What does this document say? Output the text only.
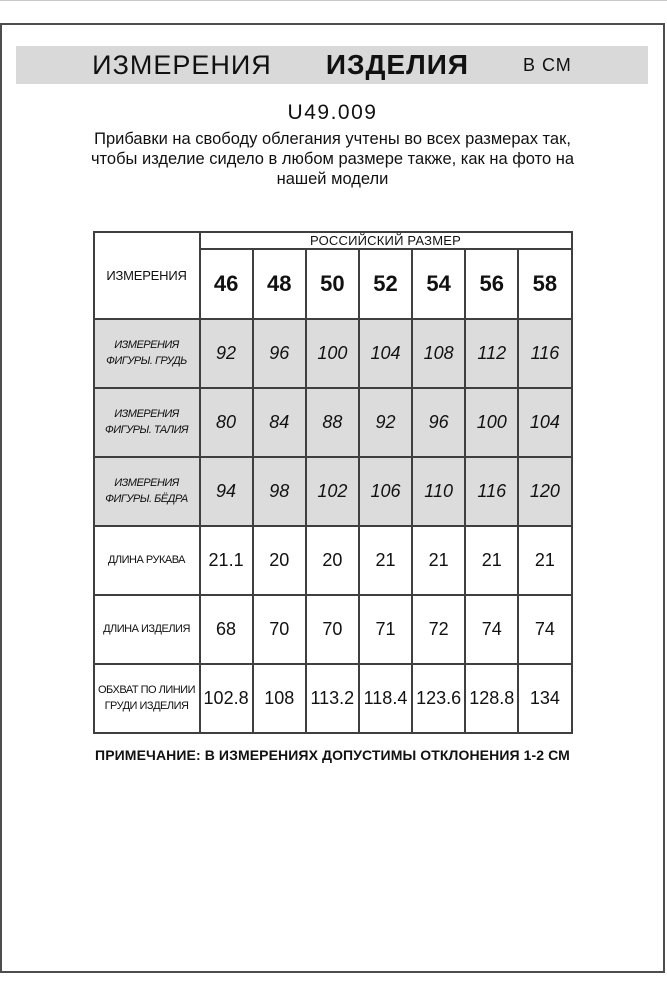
ИЗМЕРЕНИЯ ИЗДЕЛИЯ	В СМ
U49.009
Прибавки на свободу облегания учтены во всех размерах так,
чтобы изделие сидело в любом размере также, как на фото на
нашей модели
ИЗМЕРЕНИЯ	РОССИЙСКИЙ РАЗМЕР						
	46	48	50	52	54	56	58
ИЗМЕРЕНИЯ ФИГУРЫ. ГРУДЬ	92	96	100	104	108	112	116
ИЗМЕРЕНИЯ ФИГУРЫ. ТАЛИЯ	80	84	88	92	96	100	104
ИЗМЕРЕНИЯ ФИГУРЫ. БЁДРА	94	98	102	106	110	116	120
ДЛИНА РУКАВА	21.1	20	20	21	21	21	21
ДЛИНА ИЗДЕЛИЯ	68	70	70	71	72	74	74
ОБХВАТ ПО ЛИНИИ ГРУДИ ИЗДЕЛИЯ	102.8	108	113.2	118.4	123.6	128.8	134
ПРИМЕЧАНИЕ: В ИЗМЕРЕНИЯХ ДОПУСТИМЫ ОТКЛОНЕНИЯ 1-2 СМ
